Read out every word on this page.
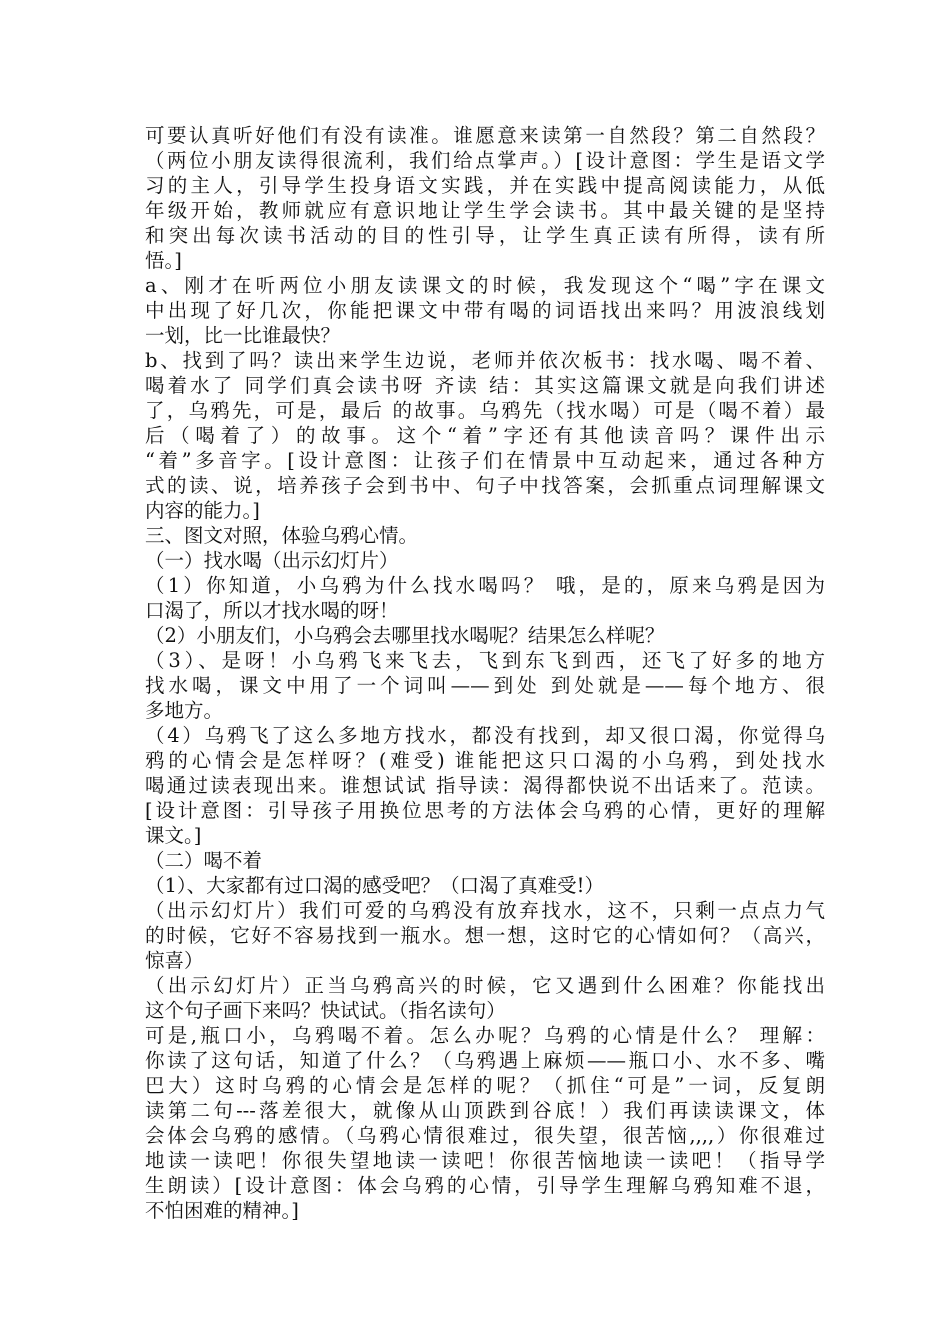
可要认真听好他们有没有读准。谁愿意来读第一自然段？第二自然段？
（两位小朋友读得很流利，我们给点掌声。）[设计意图：学生是语文学
习的主人，引导学生投身语文实践，并在实践中提高阅读能力，从低
年级开始，教师就应有意识地让学生学会读书。其中最关键的是坚持
和突出每次读书活动的目的性引导，让学生真正读有所得，读有所
悟。]
a、刚才在听两位小朋友读课文的时候，我发现这个“喝”字在课文
中出现了好几次，你能把课文中带有喝的词语找出来吗？用波浪线划
一划，比一比谁最快？
b、找到了吗？读出来学生边说，老师并依次板书：找水喝、喝不着、
喝着水了 同学们真会读书呀 齐读 结：其实这篇课文就是向我们讲述
了，乌鸦先，可是，最后 的故事。乌鸦先（找水喝）可是（喝不着）最
后（喝着了）的故事。这个“着”字还有其他读音吗？课件出示
“着”多音字。[设计意图：让孩子们在情景中互动起来，通过各种方
式的读、说，培养孩子会到书中、句子中找答案，会抓重点词理解课文
内容的能力。]
三、图文对照，体验乌鸦心情。
（一）找水喝（出示幻灯片）
（1）你知道，小乌鸦为什么找水喝吗？ 哦，是的，原来乌鸦是因为
口渴了，所以才找水喝的呀！
（2）小朋友们，小乌鸦会去哪里找水喝呢？结果怎么样呢？
（3）、是呀！小乌鸦飞来飞去，飞到东飞到西，还飞了好多的地方
找水喝，课文中用了一个词叫——到处 到处就是——每个地方、很
多地方。
（4）乌鸦飞了这么多地方找水，都没有找到，却又很口渴，你觉得乌
鸦的心情会是怎样呀？(难受) 谁能把这只口渴的小乌鸦，到处找水
喝通过读表现出来。谁想试试 指导读：渴得都快说不出话来了。范读。
[设计意图：引导孩子用换位思考的方法体会乌鸦的心情，更好的理解
课文。]
（二）喝不着
（1）、大家都有过口渴的感受吧？（口渴了真难受!）
（出示幻灯片）我们可爱的乌鸦没有放弃找水，这不，只剩一点点力气
的时候，它好不容易找到一瓶水。想一想，这时它的心情如何？（高兴，
惊喜）
（出示幻灯片）正当乌鸦高兴的时候，它又遇到什么困难？你能找出
这个句子画下来吗？快试试。（指名读句）
可是,瓶口小，乌鸦喝不着。怎么办呢？乌鸦的心情是什么？ 理解：
你读了这句话，知道了什么？（乌鸦遇上麻烦——瓶口小、水不多、嘴
巴大）这时乌鸦的心情会是怎样的呢？（抓住“可是”一词，反复朗
读第二句---落差很大，就像从山顶跌到谷底！）我们再读读课文，体
会体会乌鸦的感情。（乌鸦心情很难过，很失望，很苦恼,,,,）你很难过
地读一读吧！你很失望地读一读吧！你很苦恼地读一读吧！（指导学
生朗读）[设计意图：体会乌鸦的心情，引导学生理解乌鸦知难不退，
不怕困难的精神。]
